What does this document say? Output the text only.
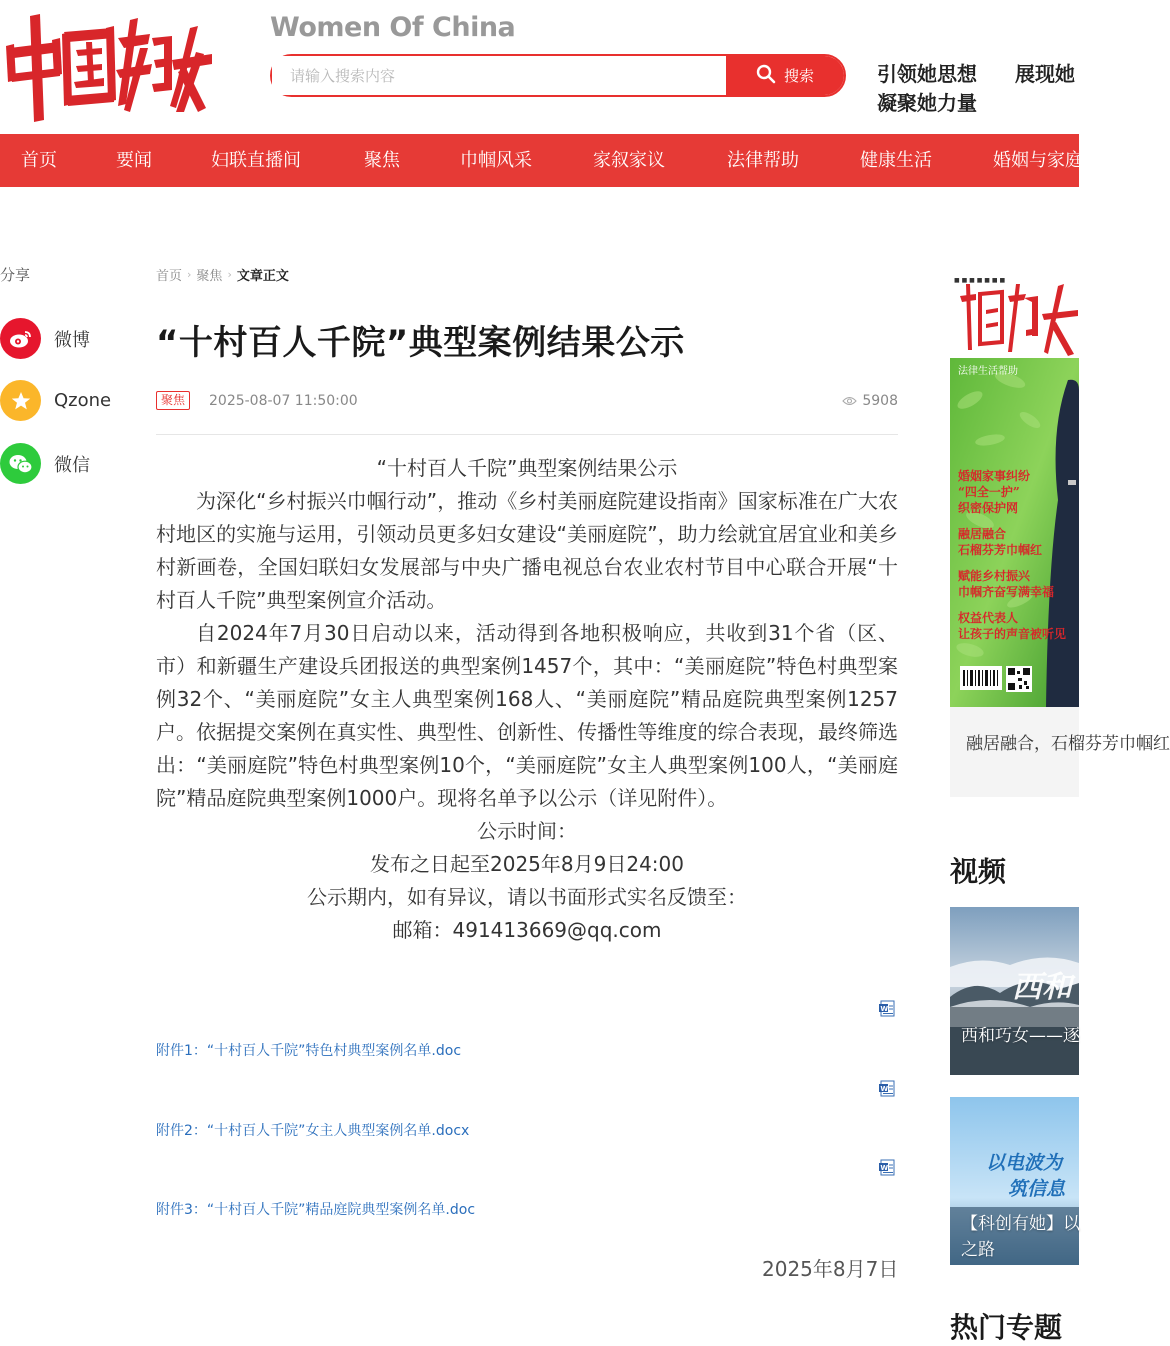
Women Of China
请输入搜索内容
搜索	引领她思想
凝聚她力量
展现她
首页	要闻	妇联直播间	聚焦	巾帼风采	家叙家议	法律帮助	健康生活	婚姻与家庭
分享
微博
Qzone
微信
首页 › 聚焦 › 文章正文
“十村百人千院”典型案例结果公示
聚焦	2025-08-07 11:50:00	5908

“十村百人千院”典型案例结果公示

为深化“乡村振兴巾帼行动”，推动《乡村美丽庭院建设指南》国家标准在广大农村地区的实施与运用，引领动员更多妇女建设“美丽庭院”，助力绘就宜居宜业和美乡村新画卷，全国妇联妇女发展部与中央广播电视总台农业农村节目中心联合开展“十村百人千院”典型案例宣介活动。

自2024年7月30日启动以来，活动得到各地积极响应，共收到31个省（区、市）和新疆生产建设兵团报送的典型案例1457个，其中：“美丽庭院”特色村典型案例32个、“美丽庭院”女主人典型案例168人、“美丽庭院”精品庭院典型案例1257户。依据提交案例在真实性、典型性、创新性、传播性等维度的综合表现，最终筛选出：“美丽庭院”特色村典型案例10个，“美丽庭院”女主人典型案例100人，“美丽庭院”精品庭院典型案例1000户。现将名单予以公示（详见附件）。

公示时间：

发布之日起至2025年8月9日24:00

公示期内，如有异议，请以书面形式实名反馈至：

邮箱：491413669@qq.com

W
附件1：“十村百人千院”特色村典型案例名单.doc
W
附件2：“十村百人千院”女主人典型案例名单.docx
W
附件3：“十村百人千院”精品庭院典型案例名单.doc
2025年8月7日
■ ■ ■ ■ ■ ■ ■
法律生活帮助
婚姻家事纠纷
“四全一护”
织密保护网
融居融合
石榴芬芳巾帼红
赋能乡村振兴
巾帼齐奋写满幸福
权益代表人
让孩子的声音被听见
融居融合，石榴芬芳巾帼红
视频
西和
西和巧女——逐
以电波为
筑信息
【科创有她】以
之路
热门专题
